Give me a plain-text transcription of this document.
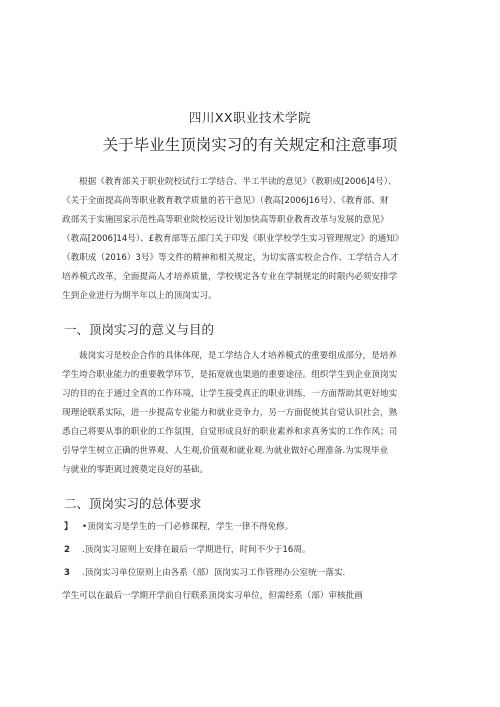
四川XX职业技术学院
关于毕业生顶岗实习的有关规定和注意事项
根据《教育部关于职业院校试行工学结合、半工半读的意见》（教职成[2006]4号）、
《关于全面提高尚等职业教育教学质量的若干意见》（教高[2006J16号）、《教育部、财
政部关于实施国家示范性高等职业院校运设计划加快高等职业教育改革与发展的意见》
（教高[2006]14号）、£教育部等五部门关于印发《职业学校学生实习管理规定》的通知》
（教职成（2016）3号》等文件的精神和相关规定，为切实落实校企合作、工学结合人才
培养模式改革，全面提高人才培养质量，学校规定各专业在学制规定的时限内必须安排学
生到企业进行为期半年以上的顶岗实习。
一、顶岗实习的意义与目的
裁岗实习是校企合作的具体体现，是工学结合人才培养模式的重要组成部分，是培养
学生垮合职业能力的重要教学环节，是拓宽就也渠道的重要途径。组织学生到企业顶岗实
习的目的在于通过全真的工作环境，让学生接受真正的职业训练，一方面帮助其更好地实
现理论联系实际，进一步提高专业能力和就业竞争力，另一方面促使其自觉认识社会，熟
悉自己将要从事的职业的工作氛围，自觉形成良好的职业素养和求真务实的工作作风；司
引导学生树立正确的世界观、人生观,价值观和就业观.为就业做好心理准备.为实现毕业
与就业的零距离过渡奠定良好的基础。
二、顶岗实习的总体要求
】 •顶岗实习是学生的一门必修课程，学生一律不得免修。
2 .顶岗实习原则上安排在最后一学期进行，时间不少于16周。
3 .顶岗实习单位原则上由各系（部）顶岗实习工作管理办公室统一落实.
学生可以在最后一学期开学前自行联系顶岗实习单位，但需经系（部）审核批画
